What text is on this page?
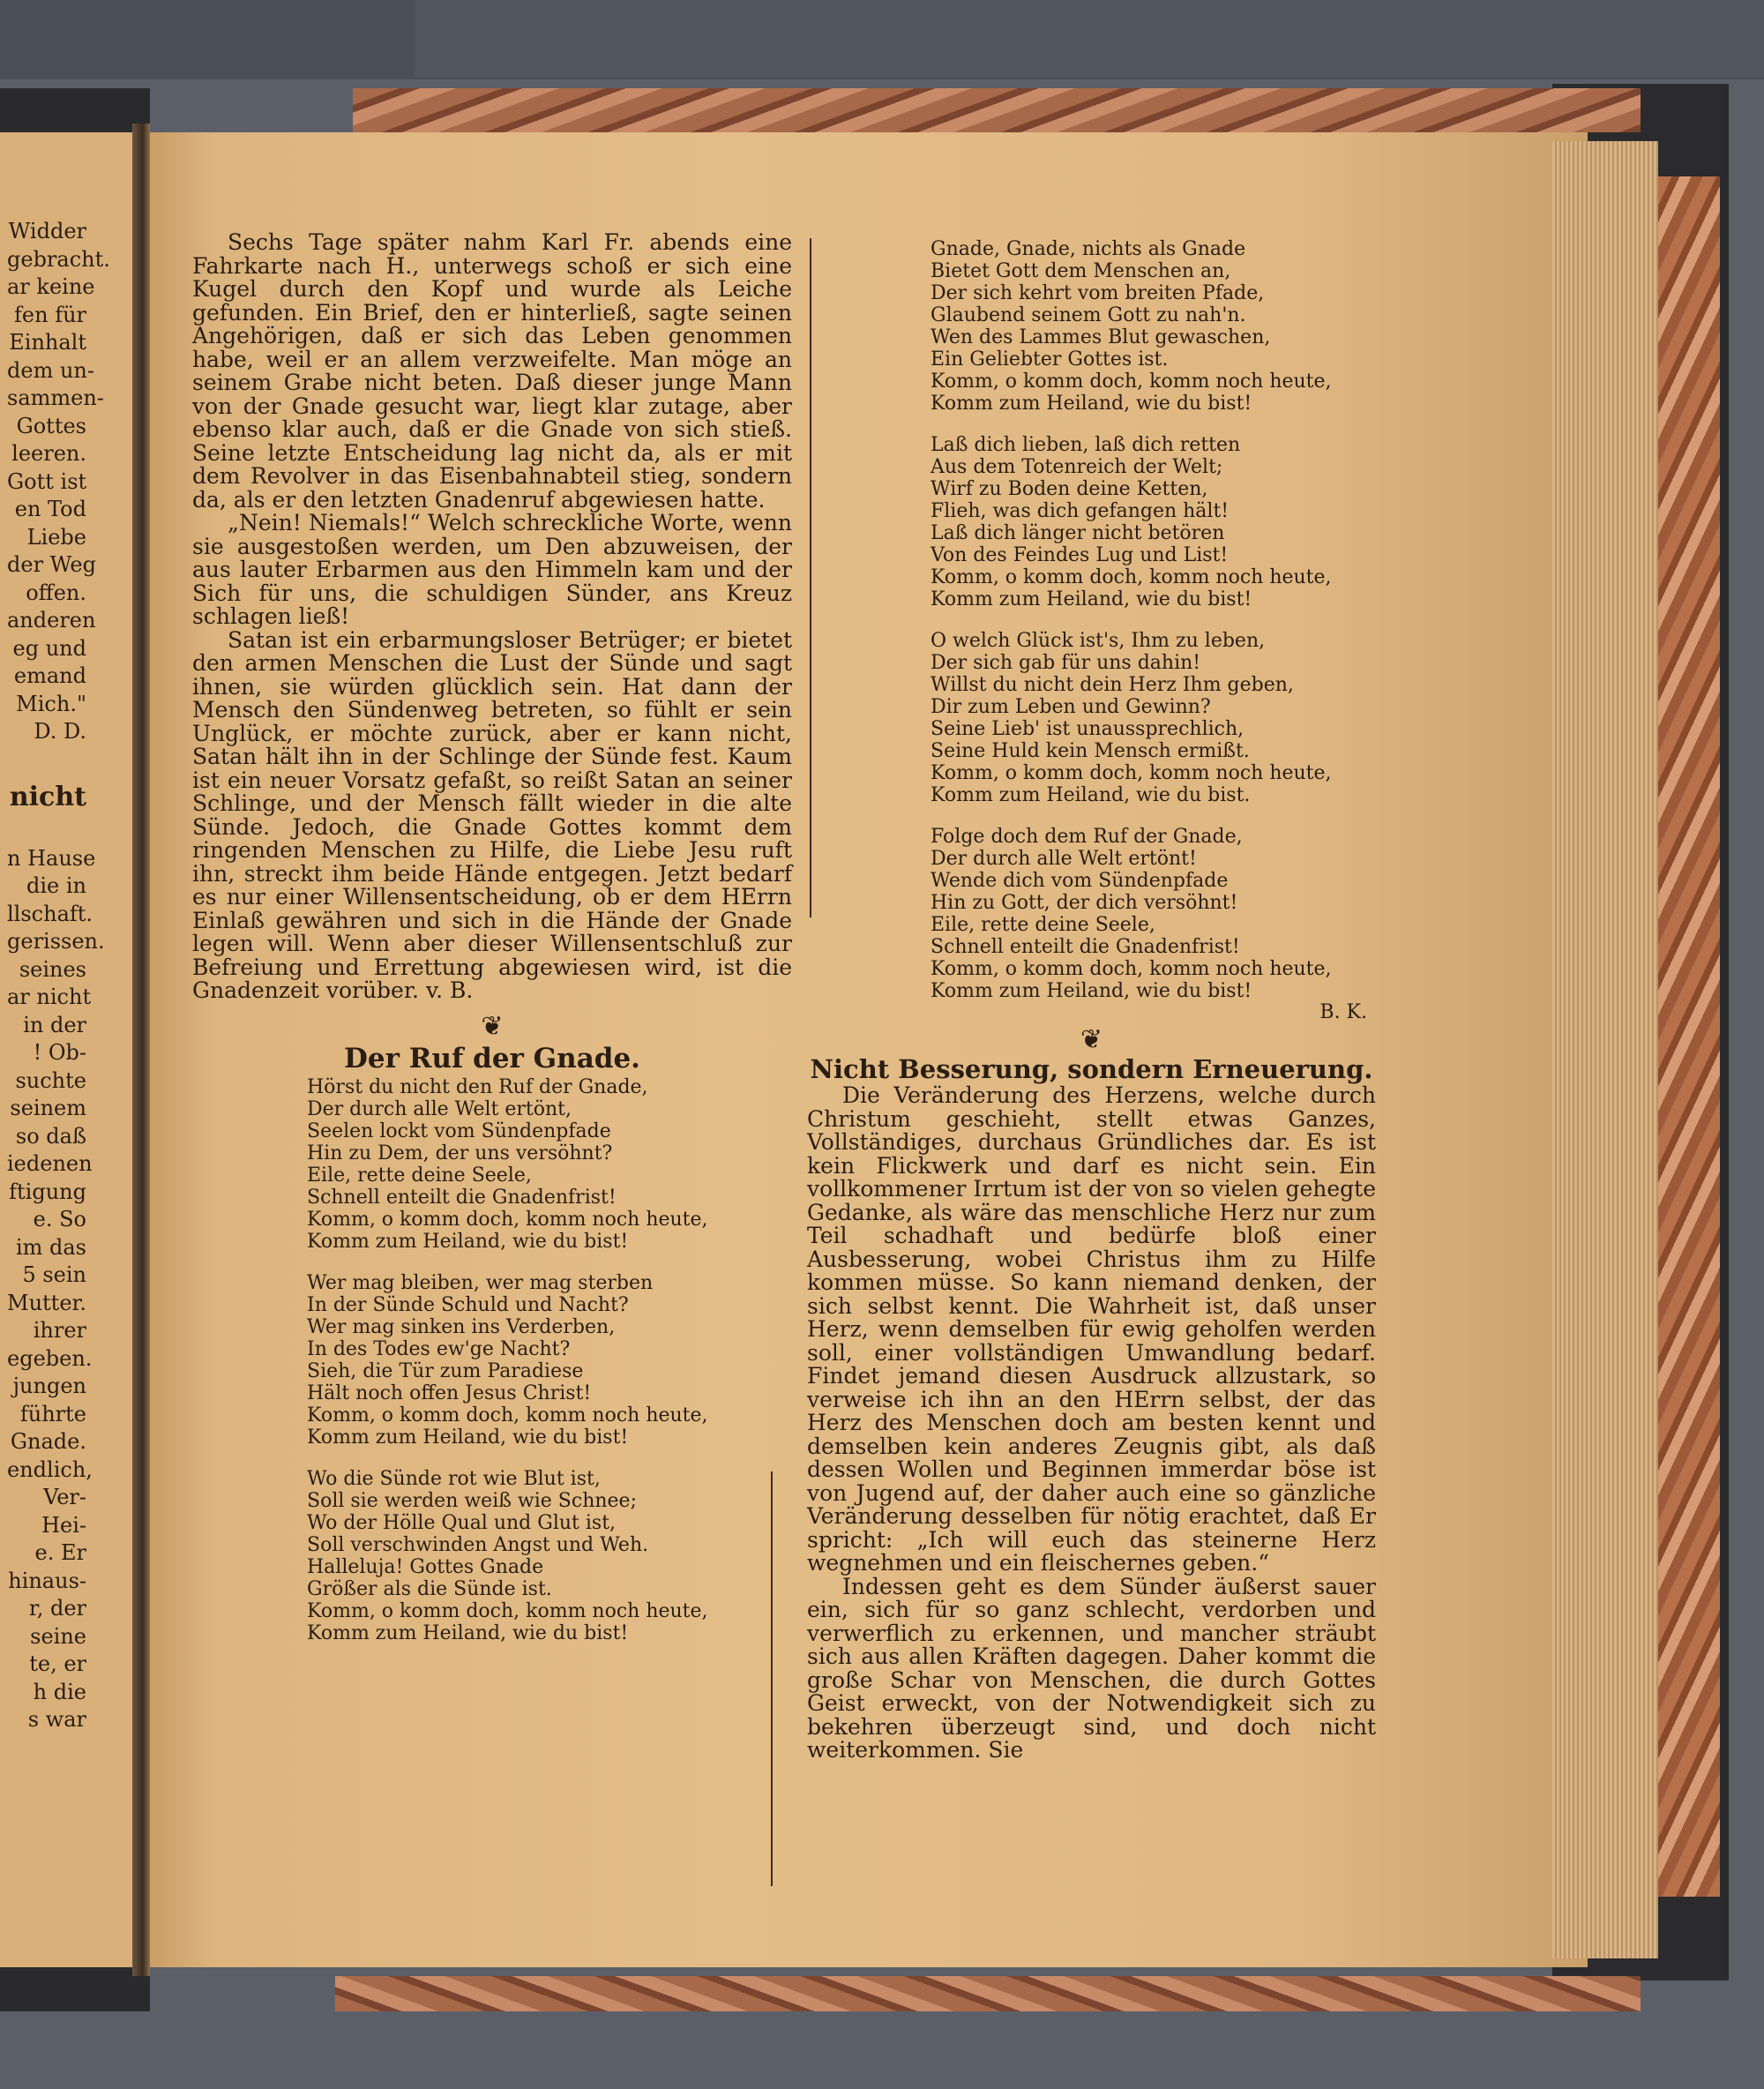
Widder
gebracht.
ar keine
fen für
Einhalt
dem un-
sammen-
Gottes
leeren.
Gott ist
en Tod
Liebe
der Weg
offen.
anderen
eg und
emand
Mich."
D. D.
nicht
n Hause
die in
llschaft.
gerissen.
seines
ar nicht
in der
! Ob-
suchte
seinem
so daß
iedenen
ftigung
e. So
im das
5 sein
Mutter.
ihrer
egeben.
jungen
führte
Gnade.
endlich,
Ver-
Hei-
e. Er
hinaus-
r, der
seine
te, er
h die
s war
Sechs Tage später nahm Karl Fr. abends eine Fahrkarte nach H., unterwegs schoß er sich eine Kugel durch den Kopf und wurde als Leiche gefunden. Ein Brief, den er hinterließ, sagte seinen Angehörigen, daß er sich das Leben genommen habe, weil er an allem verzweifelte. Man möge an seinem Grabe nicht beten. Daß dieser junge Mann von der Gnade gesucht war, liegt klar zutage, aber ebenso klar auch, daß er die Gnade von sich stieß. Seine letzte Entscheidung lag nicht da, als er mit dem Revolver in das Eisenbahnabteil stieg, sondern da, als er den letzten Gnadenruf abgewiesen hatte.
„Nein! Niemals!“ Welch schreckliche Worte, wenn sie ausgestoßen werden, um Den abzuweisen, der aus lauter Erbarmen aus den Himmeln kam und der Sich für uns, die schuldigen Sünder, ans Kreuz schlagen ließ!
Satan ist ein erbarmungsloser Betrüger; er bietet den armen Menschen die Lust der Sünde und sagt ihnen, sie würden glücklich sein. Hat dann der Mensch den Sündenweg betreten, so fühlt er sein Unglück, er möchte zurück, aber er kann nicht, Satan hält ihn in der Schlinge der Sünde fest. Kaum ist ein neuer Vorsatz gefaßt, so reißt Satan an seiner Schlinge, und der Mensch fällt wieder in die alte Sünde. Jedoch, die Gnade Gottes kommt dem ringenden Menschen zu Hilfe, die Liebe Jesu ruft ihn, streckt ihm beide Hände entgegen. Jetzt bedarf es nur einer Willensentscheidung, ob er dem HErrn Einlaß gewähren und sich in die Hände der Gnade legen will. Wenn aber dieser Willensentschluß zur Befreiung und Errettung abgewiesen wird, ist die Gnadenzeit vorüber. v. B.
❦
Der Ruf der Gnade.
Hörst du nicht den Ruf der Gnade,
Der durch alle Welt ertönt,
Seelen lockt vom Sündenpfade
Hin zu Dem, der uns versöhnt?
Eile, rette deine Seele,
Schnell enteilt die Gnadenfrist!
Komm, o komm doch, komm noch heute,
Komm zum Heiland, wie du bist!
Wer mag bleiben, wer mag sterben
In der Sünde Schuld und Nacht?
Wer mag sinken ins Verderben,
In des Todes ew'ge Nacht?
Sieh, die Tür zum Paradiese
Hält noch offen Jesus Christ!
Komm, o komm doch, komm noch heute,
Komm zum Heiland, wie du bist!
Wo die Sünde rot wie Blut ist,
Soll sie werden weiß wie Schnee;
Wo der Hölle Qual und Glut ist,
Soll verschwinden Angst und Weh.
Halleluja! Gottes Gnade
Größer als die Sünde ist.
Komm, o komm doch, komm noch heute,
Komm zum Heiland, wie du bist!
Gnade, Gnade, nichts als Gnade
Bietet Gott dem Menschen an,
Der sich kehrt vom breiten Pfade,
Glaubend seinem Gott zu nah'n.
Wen des Lammes Blut gewaschen,
Ein Geliebter Gottes ist.
Komm, o komm doch, komm noch heute,
Komm zum Heiland, wie du bist!
Laß dich lieben, laß dich retten
Aus dem Totenreich der Welt;
Wirf zu Boden deine Ketten,
Flieh, was dich gefangen hält!
Laß dich länger nicht betören
Von des Feindes Lug und List!
Komm, o komm doch, komm noch heute,
Komm zum Heiland, wie du bist!
O welch Glück ist's, Ihm zu leben,
Der sich gab für uns dahin!
Willst du nicht dein Herz Ihm geben,
Dir zum Leben und Gewinn?
Seine Lieb' ist unaussprechlich,
Seine Huld kein Mensch ermißt.
Komm, o komm doch, komm noch heute,
Komm zum Heiland, wie du bist.
Folge doch dem Ruf der Gnade,
Der durch alle Welt ertönt!
Wende dich vom Sündenpfade
Hin zu Gott, der dich versöhnt!
Eile, rette deine Seele,
Schnell enteilt die Gnadenfrist!
Komm, o komm doch, komm noch heute,
Komm zum Heiland, wie du bist!
B. K.
❦
Nicht Besserung, sondern Erneuerung.
Die Veränderung des Herzens, welche durch Christum geschieht, stellt etwas Ganzes, Vollständiges, durchaus Gründliches dar. Es ist kein Flickwerk und darf es nicht sein. Ein vollkommener Irrtum ist der von so vielen gehegte Gedanke, als wäre das menschliche Herz nur zum Teil schadhaft und bedürfe bloß einer Ausbesserung, wobei Christus ihm zu Hilfe kommen müsse. So kann niemand denken, der sich selbst kennt. Die Wahrheit ist, daß unser Herz, wenn demselben für ewig geholfen werden soll, einer vollständigen Umwandlung bedarf. Findet jemand diesen Ausdruck allzustark, so verweise ich ihn an den HErrn selbst, der das Herz des Menschen doch am besten kennt und demselben kein anderes Zeugnis gibt, als daß dessen Wollen und Beginnen immerdar böse ist von Jugend auf, der daher auch eine so gänzliche Veränderung desselben für nötig erachtet, daß Er spricht: „Ich will euch das steinerne Herz wegnehmen und ein fleischernes geben.“
Indessen geht es dem Sünder äußerst sauer ein, sich für so ganz schlecht, verdorben und verwerflich zu erkennen, und mancher sträubt sich aus allen Kräften dagegen. Daher kommt die große Schar von Menschen, die durch Gottes Geist erweckt, von der Notwendigkeit sich zu bekehren überzeugt sind, und doch nicht weiterkommen. Sie
